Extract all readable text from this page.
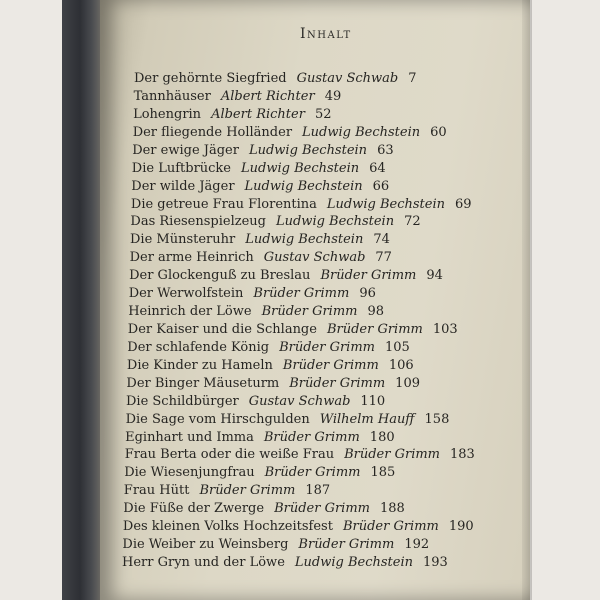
Inhalt
Der gehörnte Siegfried Gustav Schwab 7
Tannhäuser Albert Richter 49
Lohengrin Albert Richter 52
Der fliegende Holländer Ludwig Bechstein 60
Der ewige Jäger Ludwig Bechstein 63
Die Luftbrücke Ludwig Bechstein 64
Der wilde Jäger Ludwig Bechstein 66
Die getreue Frau Florentina Ludwig Bechstein 69
Das Riesenspielzeug Ludwig Bechstein 72
Die Münsteruhr Ludwig Bechstein 74
Der arme Heinrich Gustav Schwab 77
Der Glockenguß zu Breslau Brüder Grimm 94
Der Werwolfstein Brüder Grimm 96
Heinrich der Löwe Brüder Grimm 98
Der Kaiser und die Schlange Brüder Grimm 103
Der schlafende König Brüder Grimm 105
Die Kinder zu Hameln Brüder Grimm 106
Der Binger Mäuseturm Brüder Grimm 109
Die Schildbürger Gustav Schwab 110
Die Sage vom Hirschgulden Wilhelm Hauff 158
Eginhart und Imma Brüder Grimm 180
Frau Berta oder die weiße Frau Brüder Grimm 183
Die Wiesenjungfrau Brüder Grimm 185
Frau Hütt Brüder Grimm 187
Die Füße der Zwerge Brüder Grimm 188
Des kleinen Volks Hochzeitsfest Brüder Grimm 190
Die Weiber zu Weinsberg Brüder Grimm 192
Herr Gryn und der Löwe Ludwig Bechstein 193
